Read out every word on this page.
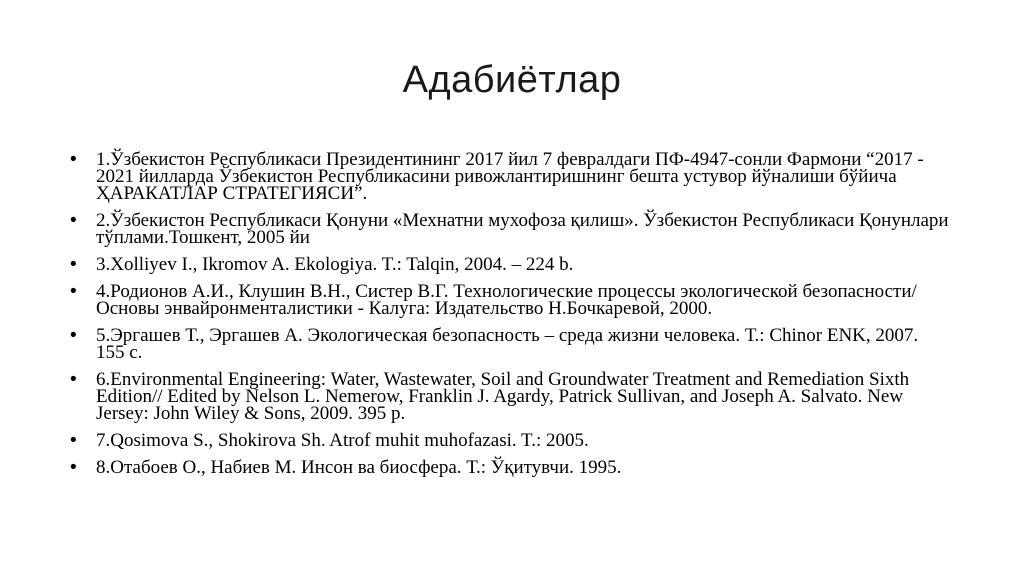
Адабиётлар
• 1.Ўзбекистон Республикаси Президентининг 2017 йил 7 февралдаги ПФ-4947-сонли Фармони “2017 - 2021 йилларда Ўзбекистон Республикасини ривожлантиришнинг бешта устувор йўналиши бўйича ҲАРАКАТЛАР СТРАТЕГИЯСИ”.
• 2.Ўзбекистон Республикаси Қонуни «Мехнатни мухофоза қилиш». Ўзбекистон Республикаси Қонунлари тўплами.Тошкент, 2005 йи
• 3.Xolliyev I., Ikromov A. Ekologiya. T.: Talqin, 2004. – 224 b.
• 4.Родионов А.И., Клушин В.Н., Систер В.Г. Технологические процессы экологической безопасности/ Основы энвайронменталистики - Калуга: Издательство Н.Бочкаревой, 2000.
• 5.Эргашев Т., Эргашев А. Экологическая безопасность – среда жизни человека. Т.: Chinor ENK, 2007. 155 с.
• 6.Environmental Engineering: Water, Wastewater, Soil and Groundwater Treatment and Remediation Sixth Edition// Edited by Nelson L. Nemerow, Franklin J. Agardy, Patrick Sullivan, and Joseph A. Salvato. New Jersey: John Wiley & Sons, 2009. 395 p.
• 7.Qosimova S., Shokirova Sh. Atrof muhit muhofazasi. T.: 2005.
• 8.Отабоев О., Набиев М. Инсон ва биосфера. Т.: Ўқитувчи. 1995.
